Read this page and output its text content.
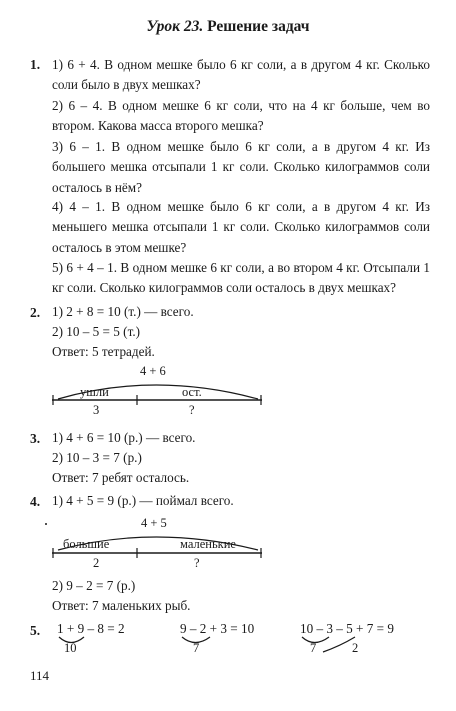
Урок 23. Решение задач
1. 1) 6 + 4. В одном мешке было 6 кг соли, а в другом 4 кг. Сколько соли было в двух мешках?

2) 6 – 4. В одном мешке 6 кг соли, что на 4 кг больше, чем во втором. Какова масса второго мешка?

3) 6 – 1. В одном мешке было 6 кг соли, а в другом 4 кг. Из большего мешка отсыпали 1 кг соли. Сколько килограммов соли осталось в нём?

4) 4 – 1. В одном мешке было 6 кг соли, а в другом 4 кг. Из меньшего мешка отсыпали 1 кг соли. Сколько килограммов соли осталось в этом мешке?

5) 6 + 4 – 1. В одном мешке 6 кг соли, а во втором 4 кг. Отсыпали 1 кг соли. Сколько килограммов соли осталось в двух мешках?

2. 1) 2 + 8 = 10 (т.) — всего.
2) 10 – 5 = 5 (т.)
Ответ: 5 тетрадей.
4 + 6
ушли	ост.
3	?
3. 1) 4 + 6 = 10 (р.) — всего.
2) 10 – 3 = 7 (р.)
Ответ: 7 ребят осталось.
4. 1) 4 + 5 = 9 (р.) — поймал всего.
4 + 5
большие	маленькие
2	?
2) 9 – 2 = 7 (р.)
Ответ: 7 маленьких рыб.
5. 1 + 9 – 8 = 2
10
9 – 2 + 3 = 10
7
10 – 3 – 5 + 7 = 9
7	2
114
